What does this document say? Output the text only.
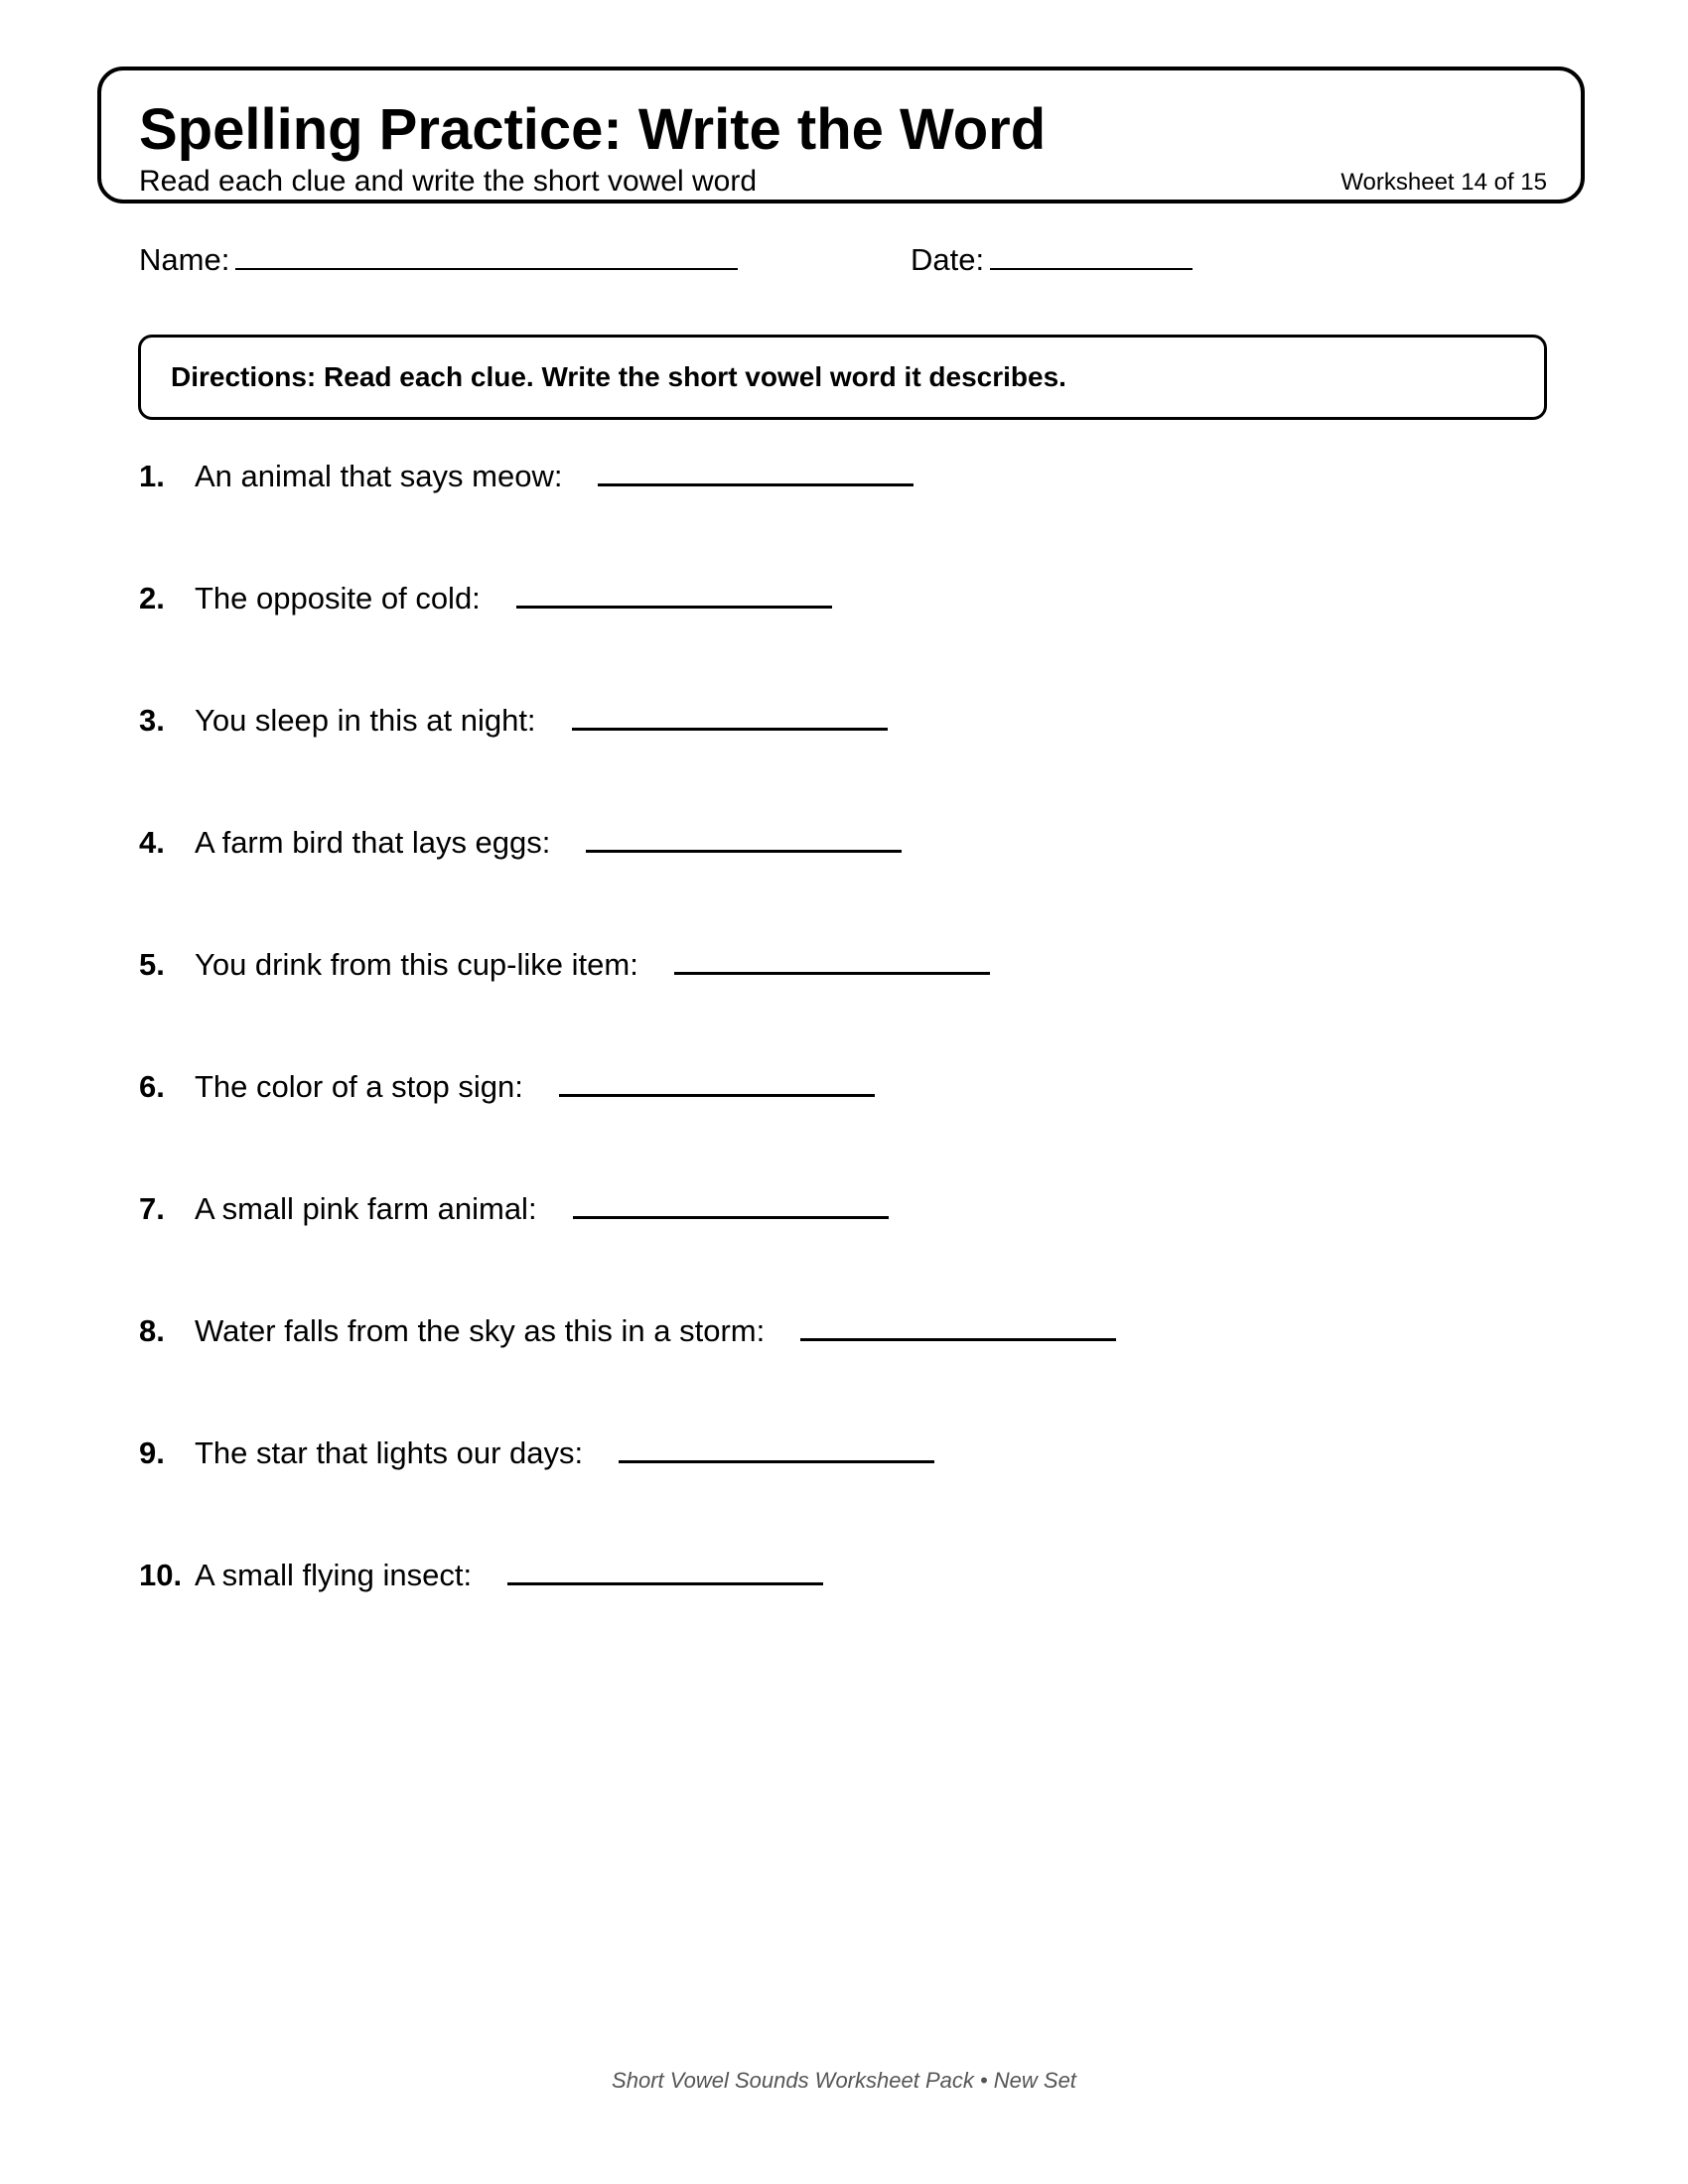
Spelling Practice: Write the Word
Read each clue and write the short vowel word	Worksheet 14 of 15
Name:	Date:
Directions: Read each clue. Write the short vowel word it describes.
1. An animal that says meow:
2. The opposite of cold:
3. You sleep in this at night:
4. A farm bird that lays eggs:
5. You drink from this cup-like item:
6. The color of a stop sign:
7. A small pink farm animal:
8. Water falls from the sky as this in a storm:
9. The star that lights our days:
10. A small flying insect:
Short Vowel Sounds Worksheet Pack • New Set
